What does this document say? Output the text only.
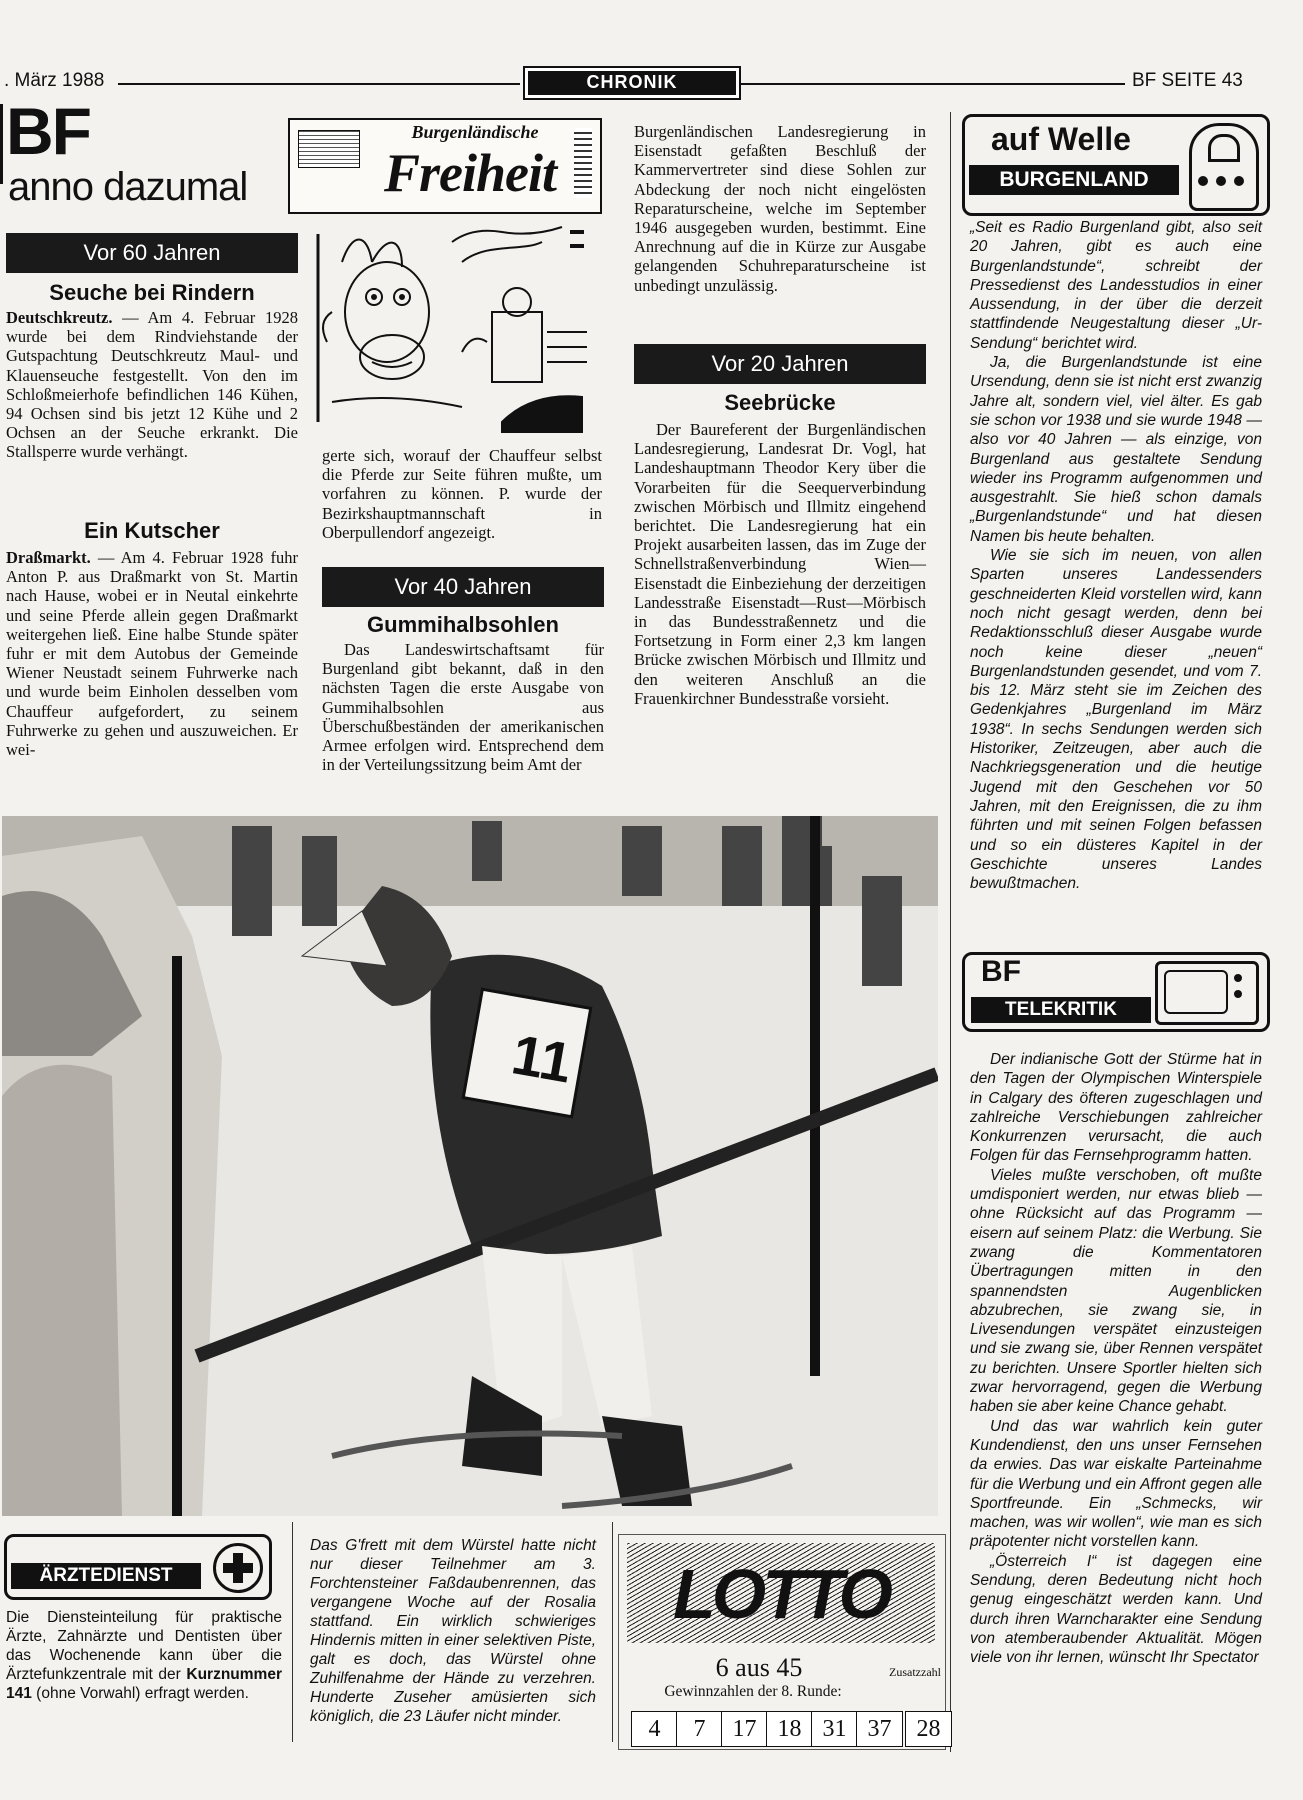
. März 1988	CHRONIK	BF SEITE 43
BF
anno dazumal
Burgenländische
Freiheit
Vor 60 Jahren
Seuche bei Rindern

Deutschkreutz. — Am 4. Februar 1928 wurde bei dem Rindviehstande der Gutspachtung Deutschkreutz Maul- und Klauenseuche festgestellt. Von den im Schloßmeierhofe befindlichen 146 Kühen, 94 Ochsen sind bis jetzt 12 Kühe und 2 Ochsen an der Seuche erkrankt. Die Stallsperre wurde verhängt.

Ein Kutscher

Draßmarkt. — Am 4. Februar 1928 fuhr Anton P. aus Draßmarkt von St. Martin nach Hause, wobei er in Neutal einkehrte und seine Pferde allein gegen Draßmarkt weitergehen ließ. Eine halbe Stunde später fuhr er mit dem Autobus der Gemeinde Wiener Neustadt seinem Fuhrwerke nach und wurde beim Einholen desselben vom Chauffeur aufgefordert, zu seinem Fuhrwerke zu gehen und auszuweichen. Er wei-

gerte sich, worauf der Chauffeur selbst die Pferde zur Seite führen mußte, um vorfahren zu können. P. wurde der Bezirkshauptmannschaft in Oberpullendorf angezeigt.
Vor 40 Jahren
Gummihalbsohlen
Das Landeswirtschaftsamt für Burgenland gibt bekannt, daß in den nächsten Tagen die erste Ausgabe von Gummihalbsohlen aus Überschußbeständen der amerikanischen Armee erfolgen wird. Entsprechend dem in der Verteilungssitzung beim Amt der
Burgenländischen Landesregierung in Eisenstadt gefaßten Beschluß der Kammervertreter sind diese Sohlen zur Abdeckung der noch nicht eingelösten Reparaturscheine, welche im September 1946 ausgegeben wurden, bestimmt. Eine Anrechnung auf die in Kürze zur Ausgabe gelangenden Schuhreparaturscheine ist unbedingt unzulässig.
Vor 20 Jahren
Seebrücke
Der Baureferent der Burgenländischen Landesregierung, Landesrat Dr. Vogl, hat Landeshauptmann Theodor Kery über die Vorarbeiten für die Seequerverbindung zwischen Mörbisch und Illmitz eingehend berichtet. Die Landesregierung hat ein Projekt ausarbeiten lassen, das im Zuge der Schnellstraßenverbindung Wien—Eisenstadt die Einbeziehung der derzeitigen Landesstraße Eisenstadt—Rust—Mörbisch in das Bundesstraßennetz und die Fortsetzung in Form einer 2,3 km langen Brücke zwischen Mörbisch und Illmitz und den weiteren Anschluß an die Frauenkirchner Bundesstraße vorsieht.
auf Welle
BURGENLAND
„Seit es Radio Burgenland gibt, also seit 20 Jahren, gibt es auch eine Burgenlandstunde“, schreibt der Pressedienst des Landesstudios in einer Aussendung, in der über die derzeit stattfindende Neugestaltung dieser „Ur-Sendung“ berichtet wird.
Ja, die Burgenlandstunde ist eine Ursendung, denn sie ist nicht erst zwanzig Jahre alt, sondern viel, viel älter. Es gab sie schon vor 1938 und sie wurde 1948 — also vor 40 Jahren — als einzige, von Burgenland aus gestaltete Sendung wieder ins Programm aufgenommen und ausgestrahlt. Sie hieß schon damals „Burgenlandstunde“ und hat diesen Namen bis heute behalten.
Wie sie sich im neuen, von allen Sparten unseres Landessenders geschneiderten Kleid vorstellen wird, kann noch nicht gesagt werden, denn bei Redaktionsschluß dieser Ausgabe wurde noch keine dieser „neuen“ Burgenlandstunden gesendet, und vom 7. bis 12. März steht sie im Zeichen des Gedenkjahres „Burgenland im März 1938“. In sechs Sendungen werden sich Historiker, Zeitzeugen, aber auch die Nachkriegsgeneration und die heutige Jugend mit den Geschehen vor 50 Jahren, mit den Ereignissen, die zu ihm führten und mit seinen Folgen befassen und so ein düsteres Kapitel in der Geschichte unseres Landes bewußtmachen.
BF
TELEKRITIK
Der indianische Gott der Stürme hat in den Tagen der Olympischen Winterspiele in Calgary des öfteren zugeschlagen und zahlreiche Verschiebungen zahlreicher Konkurrenzen verursacht, die auch Folgen für das Fernsehprogramm hatten.
Vieles mußte verschoben, oft mußte umdisponiert werden, nur etwas blieb — ohne Rücksicht auf das Programm — eisern auf seinem Platz: die Werbung. Sie zwang die Kommentatoren Übertragungen mitten in den spannendsten Augenblicken abzubrechen, sie zwang sie, in Livesendungen verspätet einzusteigen und sie zwang sie, über Rennen verspätet zu berichten. Unsere Sportler hielten sich zwar hervorragend, gegen die Werbung haben sie aber keine Chance gehabt.
Und das war wahrlich kein guter Kundendienst, den uns unser Fernsehen da erwies. Das war eiskalte Parteinahme für die Werbung und ein Affront gegen alle Sportfreunde. Ein „Schmecks, wir machen, was wir wollen“, wie man es sich präpotenter nicht vorstellen kann.
„Österreich I“ ist dagegen eine Sendung, deren Bedeutung nicht hoch genug eingeschätzt werden kann. Und durch ihren Warncharakter eine Sendung von atemberaubender Aktualität. Mögen viele von ihr lernen, wünscht Ihr Spectator
11
ÄRZTEDIENST
Die Diensteinteilung für praktische Ärzte, Zahnärzte und Dentisten über das Wochenende kann über die Ärztefunkzentrale mit der Kurznummer 141 (ohne Vorwahl) erfragt werden.
Das G'frett mit dem Würstel hatte nicht nur dieser Teilnehmer am 3. Forchtensteiner Faßdaubenrennen, das vergangene Woche auf der Rosalia stattfand. Ein wirklich schwieriges Hindernis mitten in einer selektiven Piste, galt es doch, das Würstel ohne Zuhilfenahme der Hände zu verzehren. Hunderte Zuseher amüsierten sich königlich, die 23 Läufer nicht minder.
LOTTO
6 aus 45
Gewinnzahlen der 8. Runde:
Zusatzzahl
4 7 17 18 31 37 28
